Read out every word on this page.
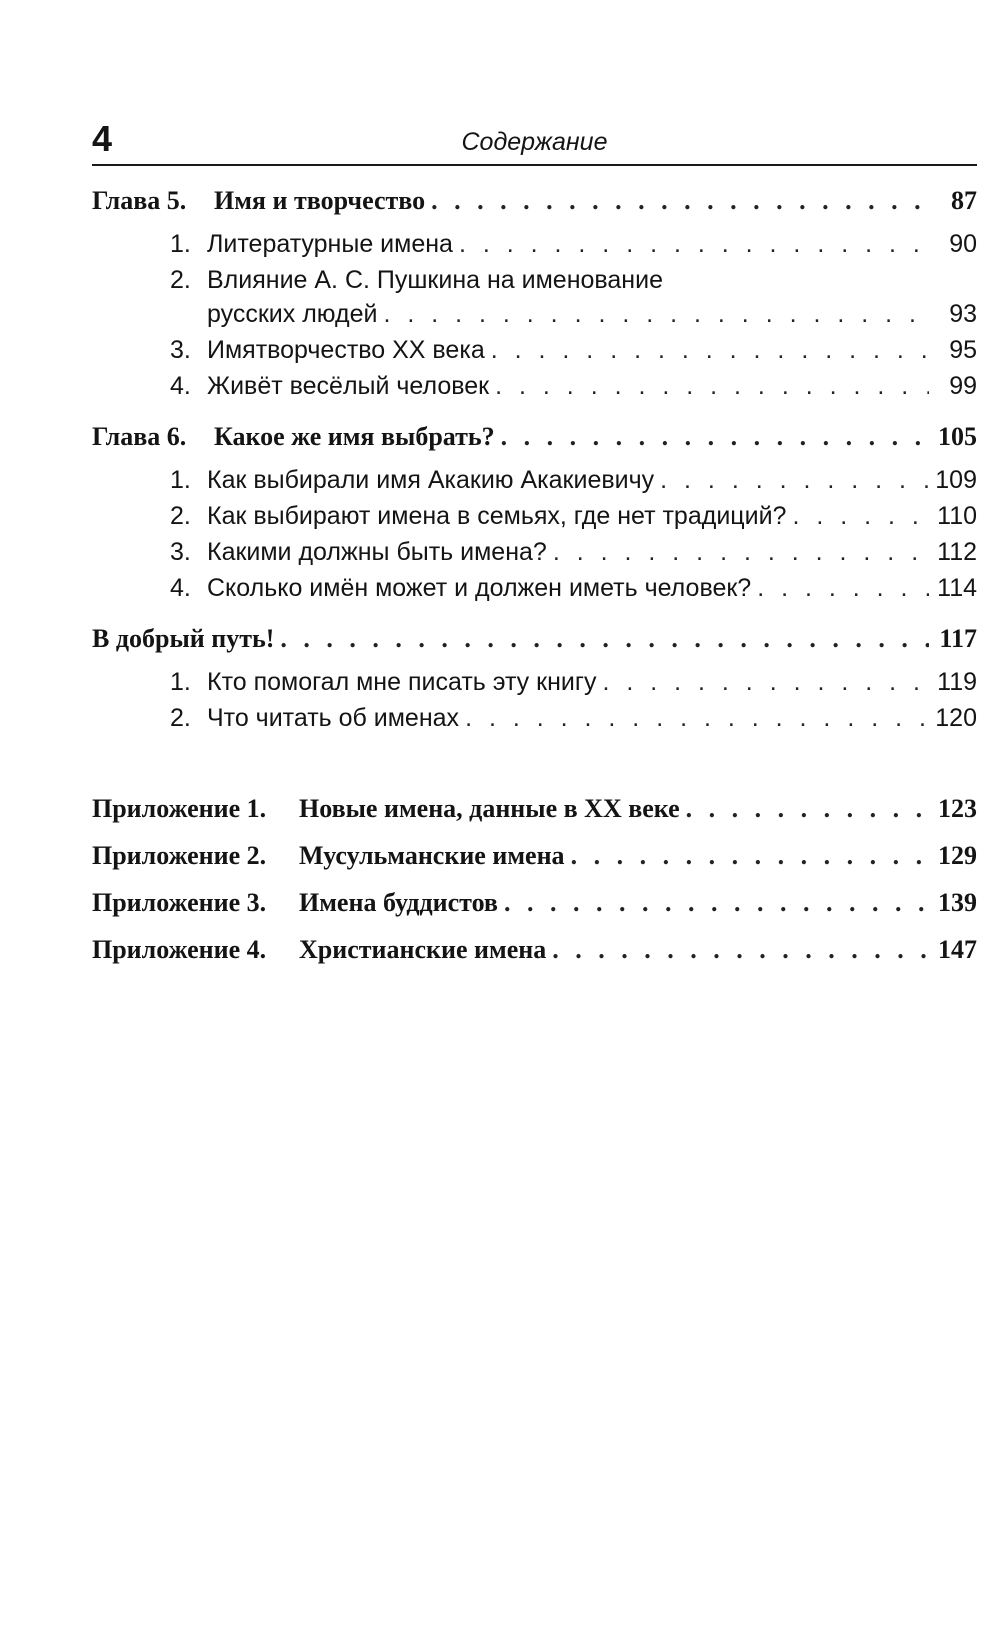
4	Содержание
Глава 5. Имя и творчество . . .	87
1. Литературные имена . . .	90
2. Влияние А. С. Пушкина на именование
русских людей . . .	93
3. Имятворчество XX века . . .	95
4. Живёт весёлый человек . . .	99
Глава 6. Какое же имя выбрать? . . .	105
1. Как выбирали имя Акакию Акакиевичу . . .	109
2. Как выбирают имена в семьях, где нет традиций? . . .	110
3. Какими должны быть имена? . . .	112
4. Сколько имён может и должен иметь человек? . . .	114
В добрый путь! . . .	117
1. Кто помогал мне писать эту книгу . . .	119
2. Что читать об именах . . .	120
Приложение 1. Новые имена, данные в XX веке . . .	123
Приложение 2. Мусульманские имена . . .	129
Приложение 3. Имена буддистов . . .	139
Приложение 4. Христианские имена . . .	147
